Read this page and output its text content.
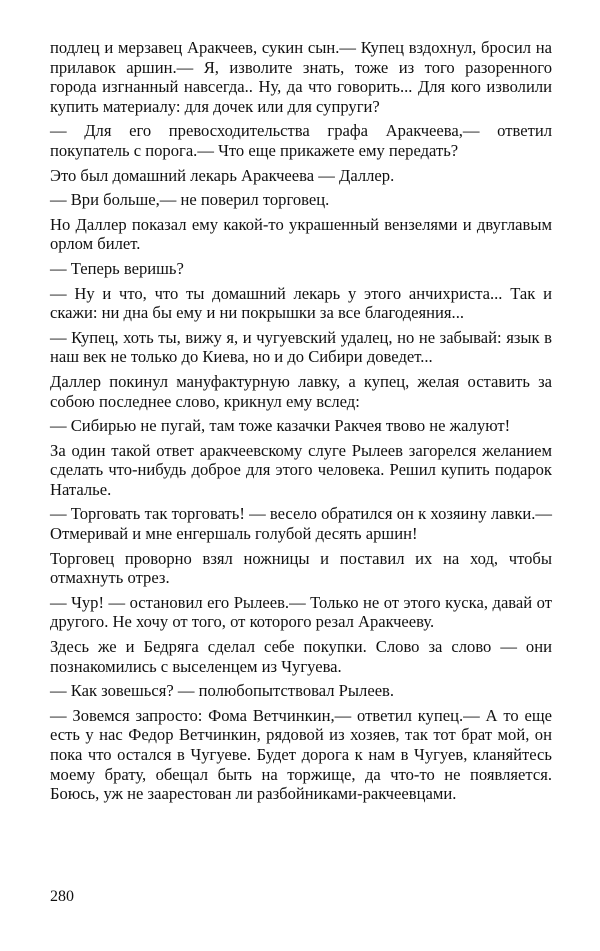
подлец и мерзавец Аракчеев, сукин сын.— Купец вздохнул, бросил на прилавок аршин.— Я, изволите знать, тоже из того разоренного города изгнанный навсегда.. Ну, да что говорить... Для кого изволили купить материалу: для дочек или для супруги?

— Для его превосходительства графа Аракчеева,— ответил покупатель с порога.— Что еще прикажете ему передать?

Это был домашний лекарь Аракчеева — Даллер.

— Ври больше,— не поверил торговец.

Но Даллер показал ему какой-то украшенный вензелями и двуглавым орлом билет.

— Теперь веришь?

— Ну и что, что ты домашний лекарь у этого анчихриста... Так и скажи: ни дна бы ему и ни покрышки за все благодеяния...

— Купец, хоть ты, вижу я, и чугуевский удалец, но не забывай: язык в наш век не только до Киева, но и до Сибири доведет...

Даллер покинул мануфактурную лавку, а купец, желая оставить за собою последнее слово, крикнул ему вслед:

— Сибирью не пугай, там тоже казачки Ракчея твово не жалуют!

За один такой ответ аракчеевскому слуге Рылеев загорелся желанием сделать что-нибудь доброе для этого человека. Решил купить подарок Наталье.

— Торговать так торговать! — весело обратился он к хозяину лавки.— Отмеривай и мне енгершаль голубой десять аршин!

Торговец проворно взял ножницы и поставил их на ход, чтобы отмахнуть отрез.

— Чур! — остановил его Рылеев.— Только не от этого куска, давай от другого. Не хочу от того, от которого резал Аракчееву.

Здесь же и Бедряга сделал себе покупки. Слово за слово — они познакомились с выселенцем из Чугуева.

— Как зовешься? — полюбопытствовал Рылеев.

— Зовемся запросто: Фома Ветчинкин,— ответил купец.— А то еще есть у нас Федор Ветчинкин, рядовой из хозяев, так тот брат мой, он пока что остался в Чугуеве. Будет дорога к нам в Чугуев, кланяйтесь моему брату, обещал быть на торжище, да что-то не появляется. Боюсь, уж не заарестован ли разбойниками-ракчеевцами.

280
